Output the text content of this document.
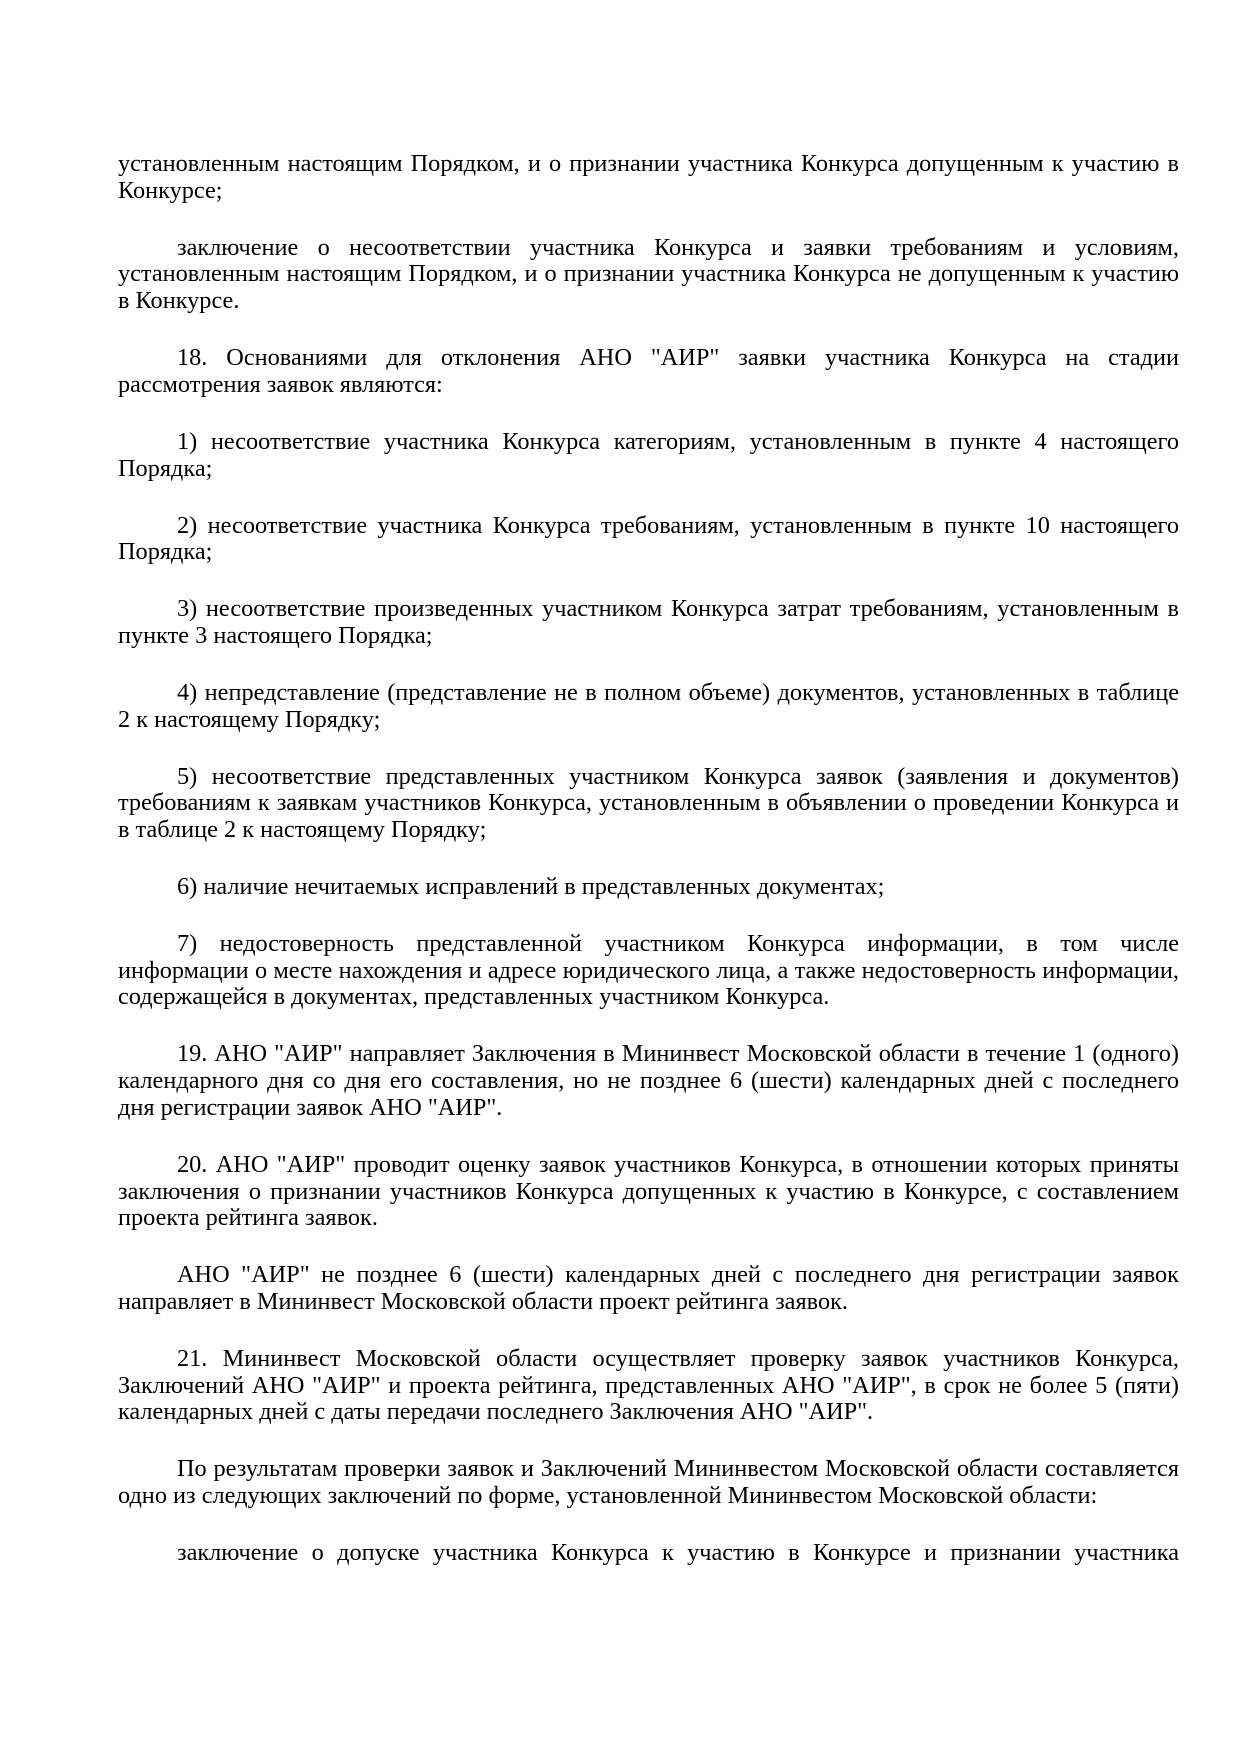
установленным настоящим Порядком, и о признании участника Конкурса допущенным к участию в Конкурсе;

заключение о несоответствии участника Конкурса и заявки требованиям и условиям, установленным настоящим Порядком, и о признании участника Конкурса не допущенным к участию в Конкурсе.

18. Основаниями для отклонения АНО "АИР" заявки участника Конкурса на стадии рассмотрения заявок являются:

1) несоответствие участника Конкурса категориям, установленным в пункте 4 настоящего Порядка;

2) несоответствие участника Конкурса требованиям, установленным в пункте 10 настоящего Порядка;

3) несоответствие произведенных участником Конкурса затрат требованиям, установленным в пункте 3 настоящего Порядка;

4) непредставление (представление не в полном объеме) документов, установленных в таблице 2 к настоящему Порядку;

5) несоответствие представленных участником Конкурса заявок (заявления и документов) требованиям к заявкам участников Конкурса, установленным в объявлении о проведении Конкурса и в таблице 2 к настоящему Порядку;

6) наличие нечитаемых исправлений в представленных документах;

7) недостоверность представленной участником Конкурса информации, в том числе информации о месте нахождения и адресе юридического лица, а также недостоверность информации, содержащейся в документах, представленных участником Конкурса.

19. АНО "АИР" направляет Заключения в Мининвест Московской области в течение 1 (одного) календарного дня со дня его составления, но не позднее 6 (шести) календарных дней с последнего дня регистрации заявок АНО "АИР".

20. АНО "АИР" проводит оценку заявок участников Конкурса, в отношении которых приняты заключения о признании участников Конкурса допущенных к участию в Конкурсе, с составлением проекта рейтинга заявок.

АНО "АИР" не позднее 6 (шести) календарных дней с последнего дня регистрации заявок направляет в Мининвест Московской области проект рейтинга заявок.

21. Мининвест Московской области осуществляет проверку заявок участников Конкурса, Заключений АНО "АИР" и проекта рейтинга, представленных АНО "АИР", в срок не более 5 (пяти) календарных дней с даты передачи последнего Заключения АНО "АИР".

По результатам проверки заявок и Заключений Мининвестом Московской области составляется одно из следующих заключений по форме, установленной Мининвестом Московской области:

заключение о допуске участника Конкурса к участию в Конкурсе и признании участника
